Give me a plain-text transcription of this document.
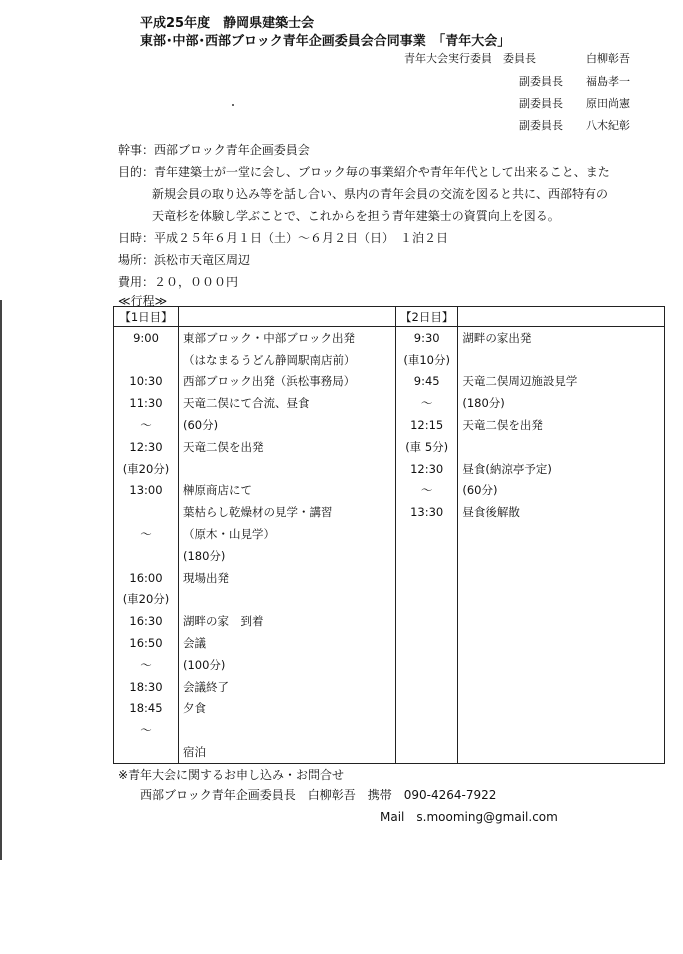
平成25年度　静岡県建築士会
東部･中部･西部ブロック青年企画委員会合同事業　「青年大会」
青年大会実行委員　委員長	白柳彰吾
副委員長 福島孝一
副委員長 原田尚憲
副委員長 八木紀彰
幹事：西部ブロック青年企画委員会
目的：青年建築士が一堂に会し、ブロック毎の事業紹介や青年年代として出来ること、また
新規会員の取り込み等を話し合い、県内の青年会員の交流を図ると共に、西部特有の
天竜杉を体験し学ぶことで、これからを担う青年建築士の資質向上を図る。
日時：平成２５年６月１日（土）～６月２日（日）　１泊２日
場所：浜松市天竜区周辺
費用：２０，０００円
≪行程≫
【1日目】		【2日目】	
9:00	東部ブロック・中部ブロック出発	9:30	湖畔の家出発
	（はなまるうどん静岡駅南店前）	(車10分)	
10:30	西部ブロック出発（浜松事務局）	9:45	天竜二俣周辺施設見学
11:30	天竜二俣にて合流、昼食	～	(180分)
～	(60分)	12:15	天竜二俣を出発
12:30	天竜二俣を出発	(車 5分)	
(車20分)		12:30	昼食(納涼亭予定)
13:00	榊原商店にて	～	(60分)
	葉枯らし乾燥材の見学・講習	13:30	昼食後解散
～	（原木・山見学）		
	(180分)		
16:00	現場出発		
(車20分)			
16:30	湖畔の家　到着		
16:50	会議		
～	(100分)		
18:30	会議終了		
18:45	夕食		
～			
	宿泊		
※青年大会に関するお申し込み・お問合せ
西部ブロック青年企画委員長　白柳彰吾　携帯　090-4264-7922
Mail　s.mooming@gmail.com
